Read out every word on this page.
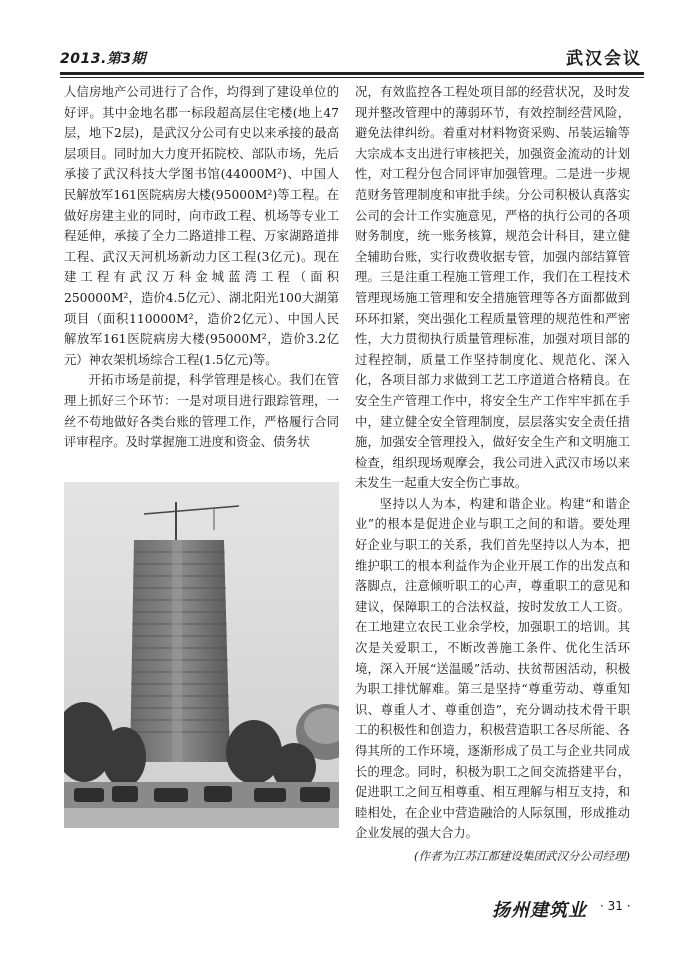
2013.第3期	武汉会议

人信房地产公司进行了合作，均得到了建设单位的好评。其中金地名郡一标段超高层住宅楼(地上47层，地下2层)，是武汉分公司有史以来承接的最高层项目。同时加大力度开拓院校、部队市场，先后承接了武汉科技大学图书馆(44000M²)、中国人民解放军161医院病房大楼(95000M²)等工程。在做好房建主业的同时，向市政工程、机场等专业工程延伸，承接了全力二路道排工程、万家湖路道排工程、武汉天河机场新动力区工程(3亿元)。现在建工程有武汉万科金城蓝湾工程（面积250000M²，造价4.5亿元）、湖北阳光100大湖第项目（面积110000M²，造价2亿元）、中国人民解放军161医院病房大楼(95000M²，造价3.2亿元）神农架机场综合工程(1.5亿元)等。

开拓市场是前提，科学管理是核心。我们在管理上抓好三个环节：一是对项目进行跟踪管理，一丝不苟地做好各类台账的管理工作，严格履行合同评审程序。及时掌握施工进度和资金、债务状

况，有效监控各工程处项目部的经营状况，及时发现并整改管理中的薄弱环节，有效控制经营风险，避免法律纠纷。着重对材料物资采购、吊装运输等大宗成本支出进行审核把关，加强资金流动的计划性，对工程分包合同评审加强管理。二是进一步规范财务管理制度和审批手续。分公司积极认真落实公司的会计工作实施意见，严格的执行公司的各项财务制度，统一账务核算，规范会计科目，建立健全辅助台账，实行收费收据专管，加强内部结算管理。三是注重工程施工管理工作，我们在工程技术管理现场施工管理和安全措施管理等各方面都做到环环扣紧，突出强化工程质量管理的规范性和严密性，大力贯彻执行质量管理标准，加强对项目部的过程控制，质量工作坚持制度化、规范化、深入化，各项目部力求做到工艺工序道道合格精良。在安全生产管理工作中，将安全生产工作牢牢抓在手中，建立健全安全管理制度，层层落实安全责任措施，加强安全管理投入，做好安全生产和文明施工检查，组织现场观摩会，我公司进入武汉市场以来未发生一起重大安全伤亡事故。

坚持以人为本，构建和谐企业。构建“和谐企业”的根本是促进企业与职工之间的和谐。要处理好企业与职工的关系，我们首先坚持以人为本，把维护职工的根本利益作为企业开展工作的出发点和落脚点，注意倾听职工的心声，尊重职工的意见和建议，保障职工的合法权益，按时发放工人工资。在工地建立农民工业余学校，加强职工的培训。其次是关爱职工，不断改善施工条件、优化生活环境，深入开展“送温暖”活动、扶贫帮困活动，积极为职工排忧解难。第三是坚持“尊重劳动、尊重知识、尊重人才、尊重创造”，充分调动技术骨干职工的积极性和创造力，积极营造职工各尽所能、各得其所的工作环境，逐渐形成了员工与企业共同成长的理念。同时，积极为职工之间交流搭建平台，促进职工之间互相尊重、相互理解与相互支持，和睦相处，在企业中营造融洽的人际氛围，形成推动企业发展的强大合力。

(作者为江苏江都建设集团武汉分公司经理)

扬州建筑业 · 31 ·
